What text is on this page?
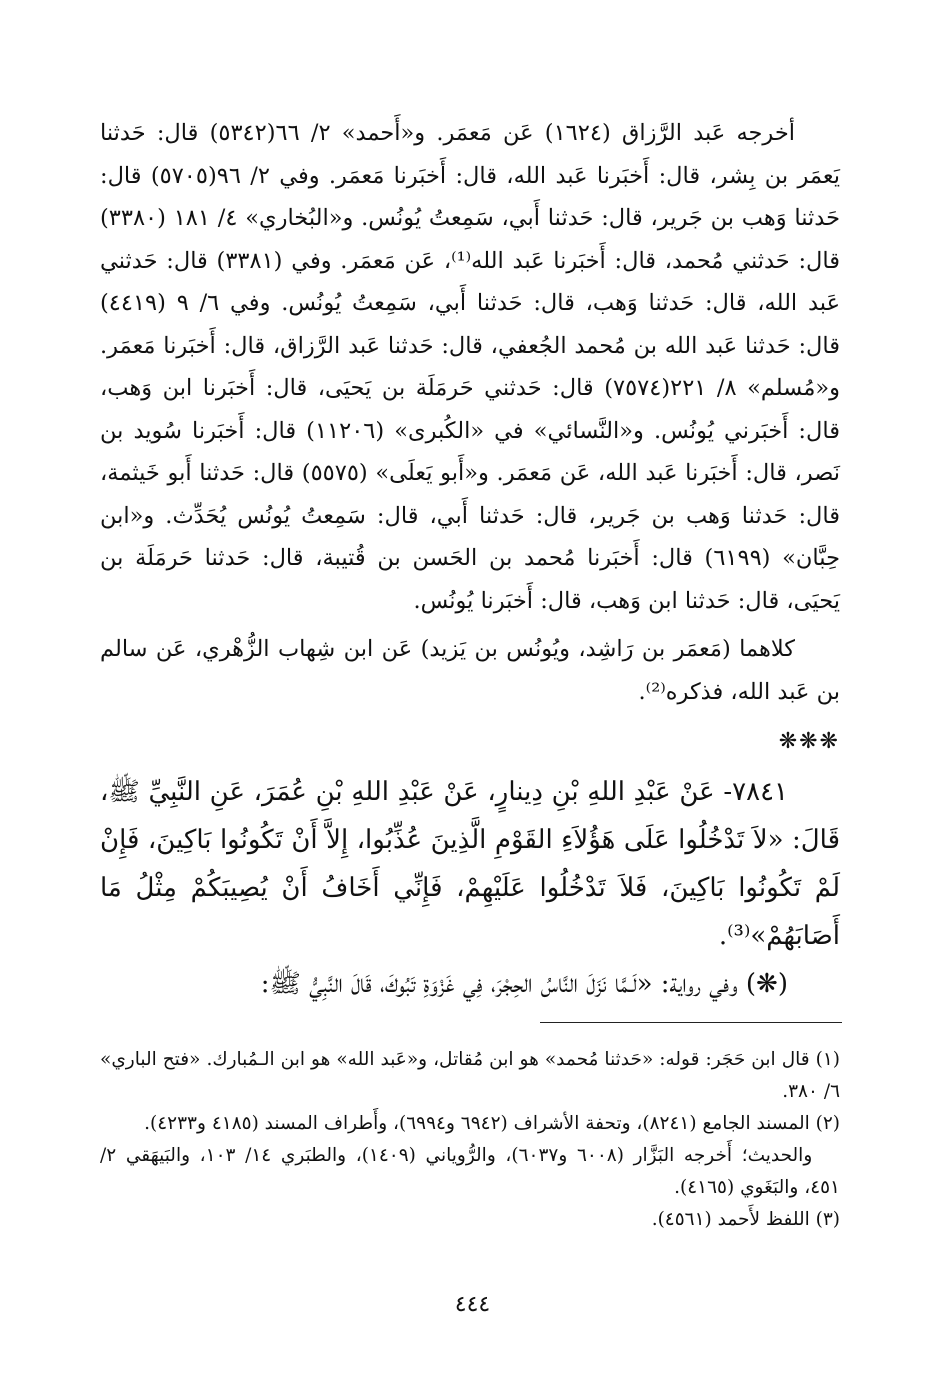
أخرجه عَبد الرَّزاق (١٦٢٤) عَن مَعمَر. و«أَحمد» ٢/ ٦٦(٥٣٤٢) قال: حَدثنا يَعمَر بن بِشر، قال: أَخبَرنا عَبد الله، قال: أَخبَرنا مَعمَر. وفي ٢/ ٩٦(٥٧٠٥) قال: حَدثنا وَهب بن جَرير، قال: حَدثنا أَبي، سَمِعتُ يُونُس. و«البُخاري» ٤/ ١٨١ (٣٣٨٠) قال: حَدثني مُحمد، قال: أَخبَرنا عَبد الله⁽¹⁾، عَن مَعمَر. وفي (٣٣٨١) قال: حَدثني عَبد الله، قال: حَدثنا وَهب، قال: حَدثنا أَبي، سَمِعتُ يُونُس. وفي ٦/ ٩ (٤٤١٩) قال: حَدثنا عَبد الله بن مُحمد الجُعفي، قال: حَدثنا عَبد الرَّزاق، قال: أَخبَرنا مَعمَر. و«مُسلم» ٨/ ٢٢١(٧٥٧٤) قال: حَدثني حَرمَلَة بن يَحيَى، قال: أَخبَرنا ابن وَهب، قال: أَخبَرني يُونُس. و«النَّسائي» في «الكُبرى» (١١٢٠٦) قال: أَخبَرنا سُويد بن نَصر، قال: أَخبَرنا عَبد الله، عَن مَعمَر. و«أَبو يَعلَى» (٥٥٧٥) قال: حَدثنا أَبو خَيثمة، قال: حَدثنا وَهب بن جَرير، قال: حَدثنا أَبي، قال: سَمِعتُ يُونُس يُحَدِّث. و«ابن حِبَّان» (٦١٩٩) قال: أَخبَرنا مُحمد بن الحَسن بن قُتيبة، قال: حَدثنا حَرمَلَة بن يَحيَى، قال: حَدثنا ابن وَهب، قال: أَخبَرنا يُونُس.

كلاهما (مَعمَر بن رَاشِد، ويُونُس بن يَزيد) عَن ابن شِهاب الزُّهْري، عَن سالم بن عَبد الله، فذكره⁽²⁾.

❋❋❋

٧٨٤١- عَنْ عَبْدِ اللهِ بْنِ دِينارٍ، عَنْ عَبْدِ اللهِ بْنِ عُمَرَ، عَنِ النَّبِيِّ ﷺ، قَالَ: «لاَ تَدْخُلُوا عَلَى هَؤُلاَءِ القَوْمِ الَّذِينَ عُذِّبُوا، إِلاَّ أَنْ تَكُونُوا بَاكِينَ، فَإِنْ لَمْ تَكُونُوا بَاكِينَ، فَلاَ تَدْخُلُوا عَلَيْهِمْ، فَإِنِّي أَخَافُ أَنْ يُصِيبَكُمْ مِثْلُ مَا أَصَابَهُمْ»⁽³⁾.

(❋) وفي رواية: «لَـمَّا نَزَلَ النَّاسُ الحِجْرَ، فِي غَزْوَةِ تَبُوكَ، قَالَ النَّبِيُّ ﷺ:

(١) قال ابن حَجَر: قوله: «حَدثنا مُحمد» هو ابن مُقاتل، و«عَبد الله» هو ابن الـمُبارك. «فتح الباري» ٦/ ٣٨٠.

(٢) المسند الجامع (٨٢٤١)، وتحفة الأشراف (٦٩٤٢ و٦٩٩٤)، وأَطراف المسند (٤١٨٥ و٤٢٣٣).

والحديث؛ أَخرجه البَزَّار (٦٠٠٨ و٦٠٣٧)، والرُّوياني (١٤٠٩)، والطبَري ١٤/ ١٠٣، والبَيهَقي ٢/ ٤٥١، والبَغَوي (٤١٦٥).

(٣) اللفظ لأَحمد (٤٥٦١).

٤٤٤
